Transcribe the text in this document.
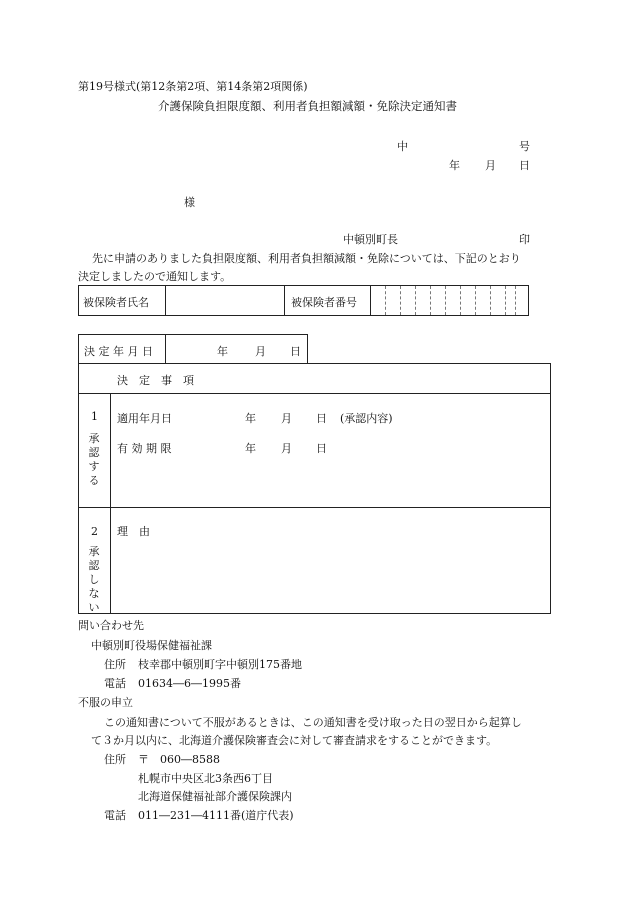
第19号様式(第12条第2項、第14条第2項関係)
介護保険負担限度額、利用者負担額減額・免除決定通知書
中	号
年 月 日
様
中頓別町長	印
先に申請のありました負担限度額、利用者負担額減額・免除については、下記のとおり
決定しましたので通知します。
被保険者氏名	被保険者番号
決 定 年 月 日	年 月 日
決　定　事　項
1
承認する
適用年月日	年 月 日 (承認内容)
有 効 期 限	年 月 日
2
承認しない
理　由
問い合わせ先
中頓別町役場保健福祉課
住所 枝幸郡中頓別町字中頓別175番地
電話 01634―6―1995番
不服の申立
この通知書について不服があるときは、この通知書を受け取った日の翌日から起算し
て３か月以内に、北海道介護保険審査会に対して審査請求をすることができます。
住所 〒　060―8588
札幌市中央区北3条西6丁目
北海道保健福祉部介護保険課内
電話 011―231―4111番(道庁代表)
